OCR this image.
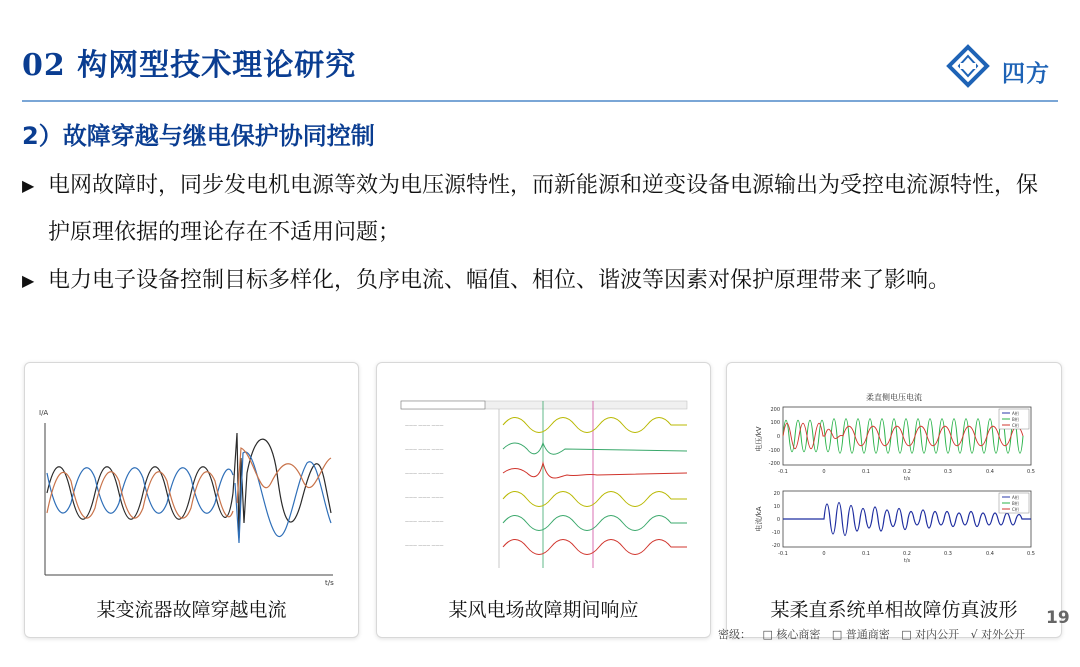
02 构网型技术理论研究	四方
2）故障穿越与继电保护协同控制
▶ 电网故障时，同步发电机电源等效为电压源特性，而新能源和逆变设备电源输出为受控电流源特性，保护原理依据的理论存在不适用问题；
▶ 电力电子设备控制目标多样化，负序电流、幅值、相位、谐波等因素对保护原理带来了影响。
I/A
t/s
某变流器故障穿越电流
——— ——— ———
——— ——— ———
——— ——— ———
——— ——— ———
——— ——— ———
——— ——— ———
某风电场故障期间响应
柔直侧电压电流
电压/kV
200
100
0
-100
-200
-0.1	0	0.1	0.2	0.3	0.4	0.5
t/s
A相
B相
C相
电流/kA
20
10
0
-10
-20
-0.1	0	0.1	0.2	0.3	0.4	0.5
t/s
A相
B相
C相
某柔直系统单相故障仿真波形	19
密级： □ 核心商密 □ 普通商密 □ 对内公开 √ 对外公开
